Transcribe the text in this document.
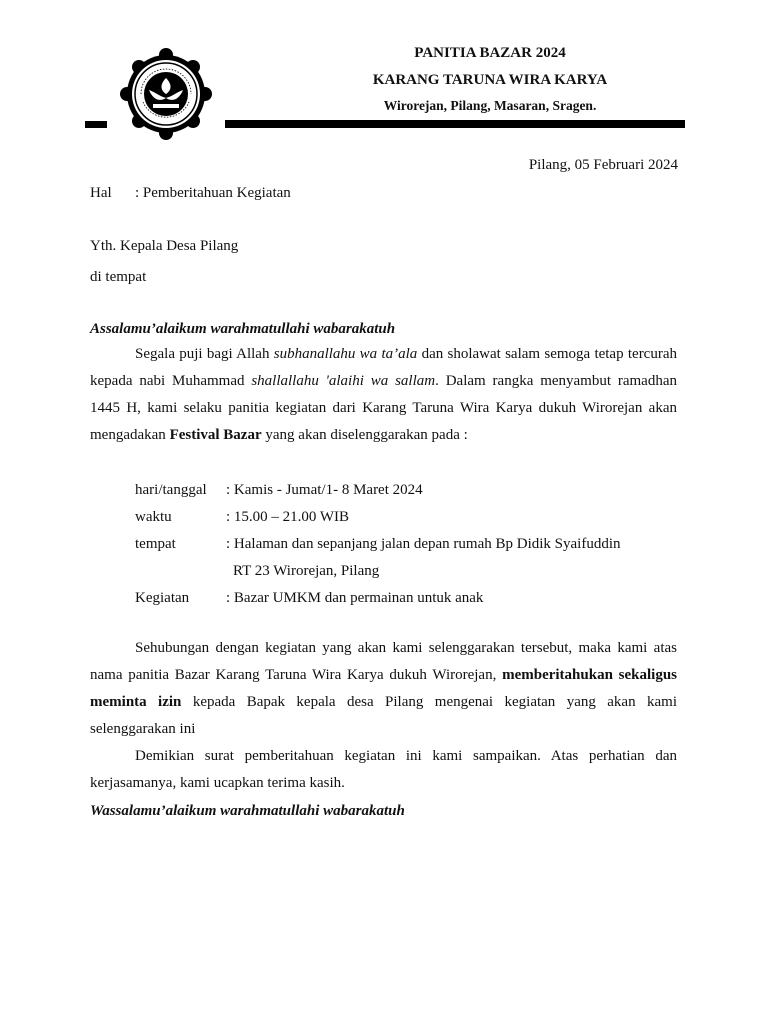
PANITIA BAZAR 2024
KARANG TARUNA WIRA KARYA
Wirorejan, Pilang, Masaran, Sragen.
Pilang, 05 Februari 2024
Hal : Pemberitahuan Kegiatan
Yth. Kepala Desa Pilang
di tempat
Assalamu’alaikum warahmatullahi wabarakatuh
Segala puji bagi Allah subhanallahu wa ta’ala dan sholawat salam semoga tetap tercurah kepada nabi Muhammad shallallahu 'alaihi wa sallam. Dalam rangka menyambut ramadhan 1445 H, kami selaku panitia kegiatan dari Karang Taruna Wira Karya dukuh Wirorejan akan mengadakan Festival Bazar yang akan diselenggarakan pada :
hari/tanggal : Kamis - Jumat/1- 8 Maret 2024
waktu	: 15.00 – 21.00 WIB
tempat	: Halaman dan sepanjang jalan depan rumah Bp Didik Syaifuddin
RT 23 Wirorejan, Pilang
Kegiatan : Bazar UMKM dan permainan untuk anak
Sehubungan dengan kegiatan yang akan kami selenggarakan tersebut, maka kami atas nama panitia Bazar Karang Taruna Wira Karya dukuh Wirorejan, memberitahukan sekaligus meminta izin kepada Bapak kepala desa Pilang mengenai kegiatan yang akan kami selenggarakan ini
Demikian surat pemberitahuan kegiatan ini kami sampaikan. Atas perhatian dan kerjasamanya, kami ucapkan terima kasih.
Wassalamu’alaikum warahmatullahi wabarakatuh
